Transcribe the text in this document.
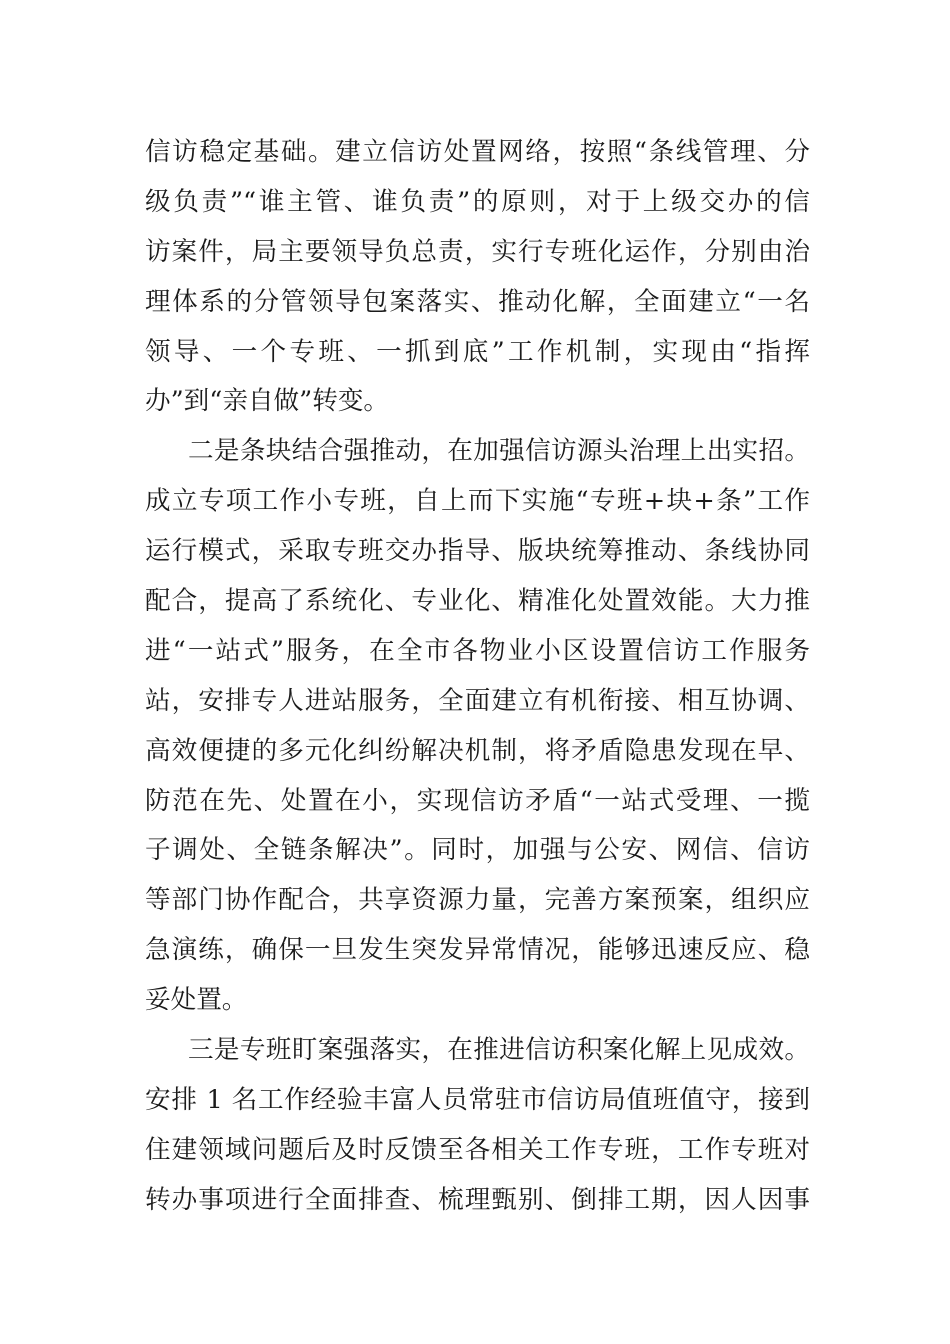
信访稳定基础。建立信访处置网络，按照“条线管理、分
级负责”“谁主管、谁负责”的原则，对于上级交办的信
访案件，局主要领导负总责，实行专班化运作，分别由治
理体系的分管领导包案落实、推动化解，全面建立“一名
领导、一个专班、一抓到底”工作机制，实现由“指挥
办”到“亲自做”转变。
二是条块结合强推动，在加强信访源头治理上出实招。
成立专项工作小专班，自上而下实施“专班+块+条”工作
运行模式，采取专班交办指导、版块统筹推动、条线协同
配合，提高了系统化、专业化、精准化处置效能。大力推
进“一站式”服务，在全市各物业小区设置信访工作服务
站，安排专人进站服务，全面建立有机衔接、相互协调、
高效便捷的多元化纠纷解决机制，将矛盾隐患发现在早、
防范在先、处置在小，实现信访矛盾“一站式受理、一揽
子调处、全链条解决”。同时，加强与公安、网信、信访
等部门协作配合，共享资源力量，完善方案预案，组织应
急演练，确保一旦发生突发异常情况，能够迅速反应、稳
妥处置。
三是专班盯案强落实，在推进信访积案化解上见成效。
安排 1 名工作经验丰富人员常驻市信访局值班值守，接到
住建领域问题后及时反馈至各相关工作专班，工作专班对
转办事项进行全面排查、梳理甄别、倒排工期，因人因事
